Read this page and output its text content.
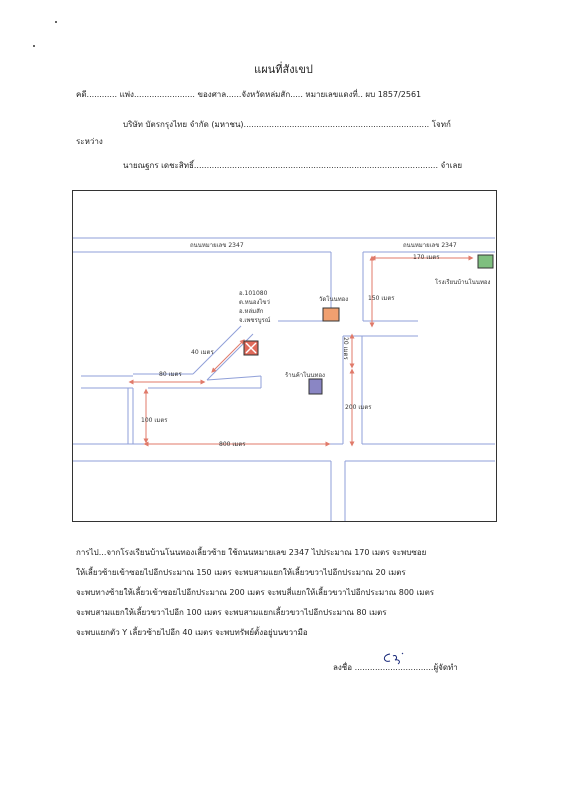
แผนที่สังเขป
คดี............ แพ่ง........................ ของศาล......จังหวัดหล่มสัก..... หมายเลขแดงที่.. ผบ 1857/2561
บริษัท บัตรกรุงไทย จำกัด (มหาชน)......................................................................... โจทก์
ระหว่าง
นายณฐกร เดชะสิทธิ์................................................................................................ จำเลย
ถนนหมายเลข 2347	ถนนหมายเลข 2347
170 เมตร
โรงเรียนบ้านโนนทอง
150 เมตร
วัดโนนทอง
อ.101080
ต.หนองไขว่
อ.หล่มสัก
จ.เพชรบูรณ์
40 เมตร
80 เมตร
20 เมตร
ร้านค้าโนนทอง
200 เมตร
100 เมตร
800 เมตร
การไป...จากโรงเรียนบ้านโนนทองเลี้ยวซ้าย ใช้ถนนหมายเลข 2347 ไปประมาณ 170 เมตร จะพบซอย
ให้เลี้ยวซ้ายเข้าซอยไปอีกประมาณ 150 เมตร จะพบสามแยกให้เลี้ยวขวาไปอีกประมาณ 20 เมตร
จะพบทางซ้ายให้เลี้ยวเข้าซอยไปอีกประมาณ 200 เมตร จะพบสี่แยกให้เลี้ยวขวาไปอีกประมาณ 800 เมตร
จะพบสามแยกให้เลี้ยวขวาไปอีก 100 เมตร จะพบสามแยกเลี้ยวขวาไปอีกประมาณ 80 เมตร
จะพบแยกตัว Y เลี้ยวซ้ายไปอีก 40 เมตร จะพบทรัพย์ตั้งอยู่บนขวามือ
ลงชื่อ ...............................ผู้จัดทำ
